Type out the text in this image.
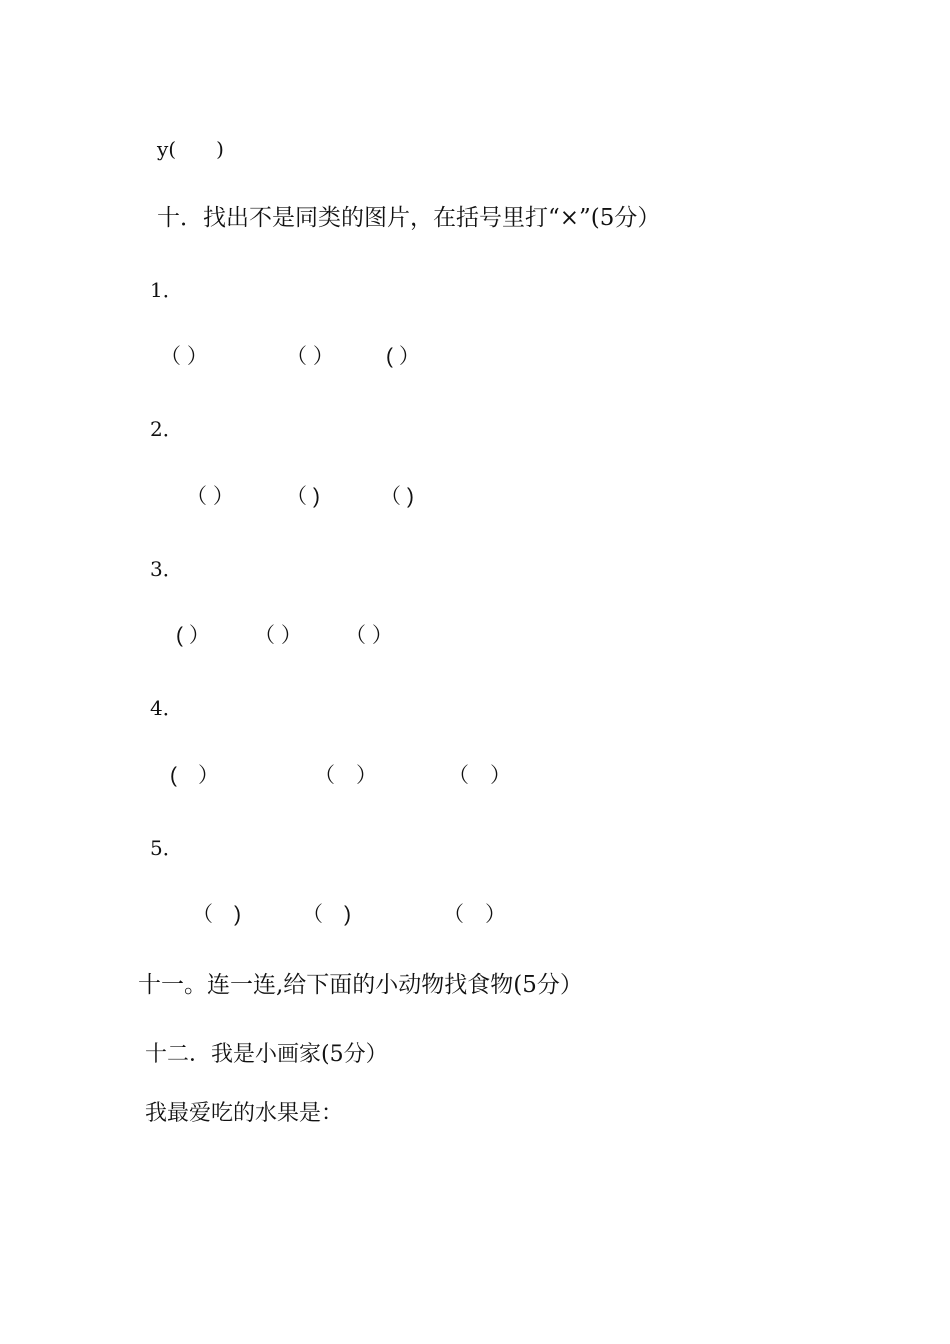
y(　　)
十．找出不是同类的图片，在括号里打“×”(5分）
1．
（ ）	（ ） ( ）
2．
（ ） （ )	（ )
3．
( ） （ ） （ ）
4．
(　）	（　）	（　）
5．
（　)	（　)	（　）
十一。连一连,给下面的小动物找食物(5分）
十二．我是小画家(5分）
我最爱吃的水果是：
